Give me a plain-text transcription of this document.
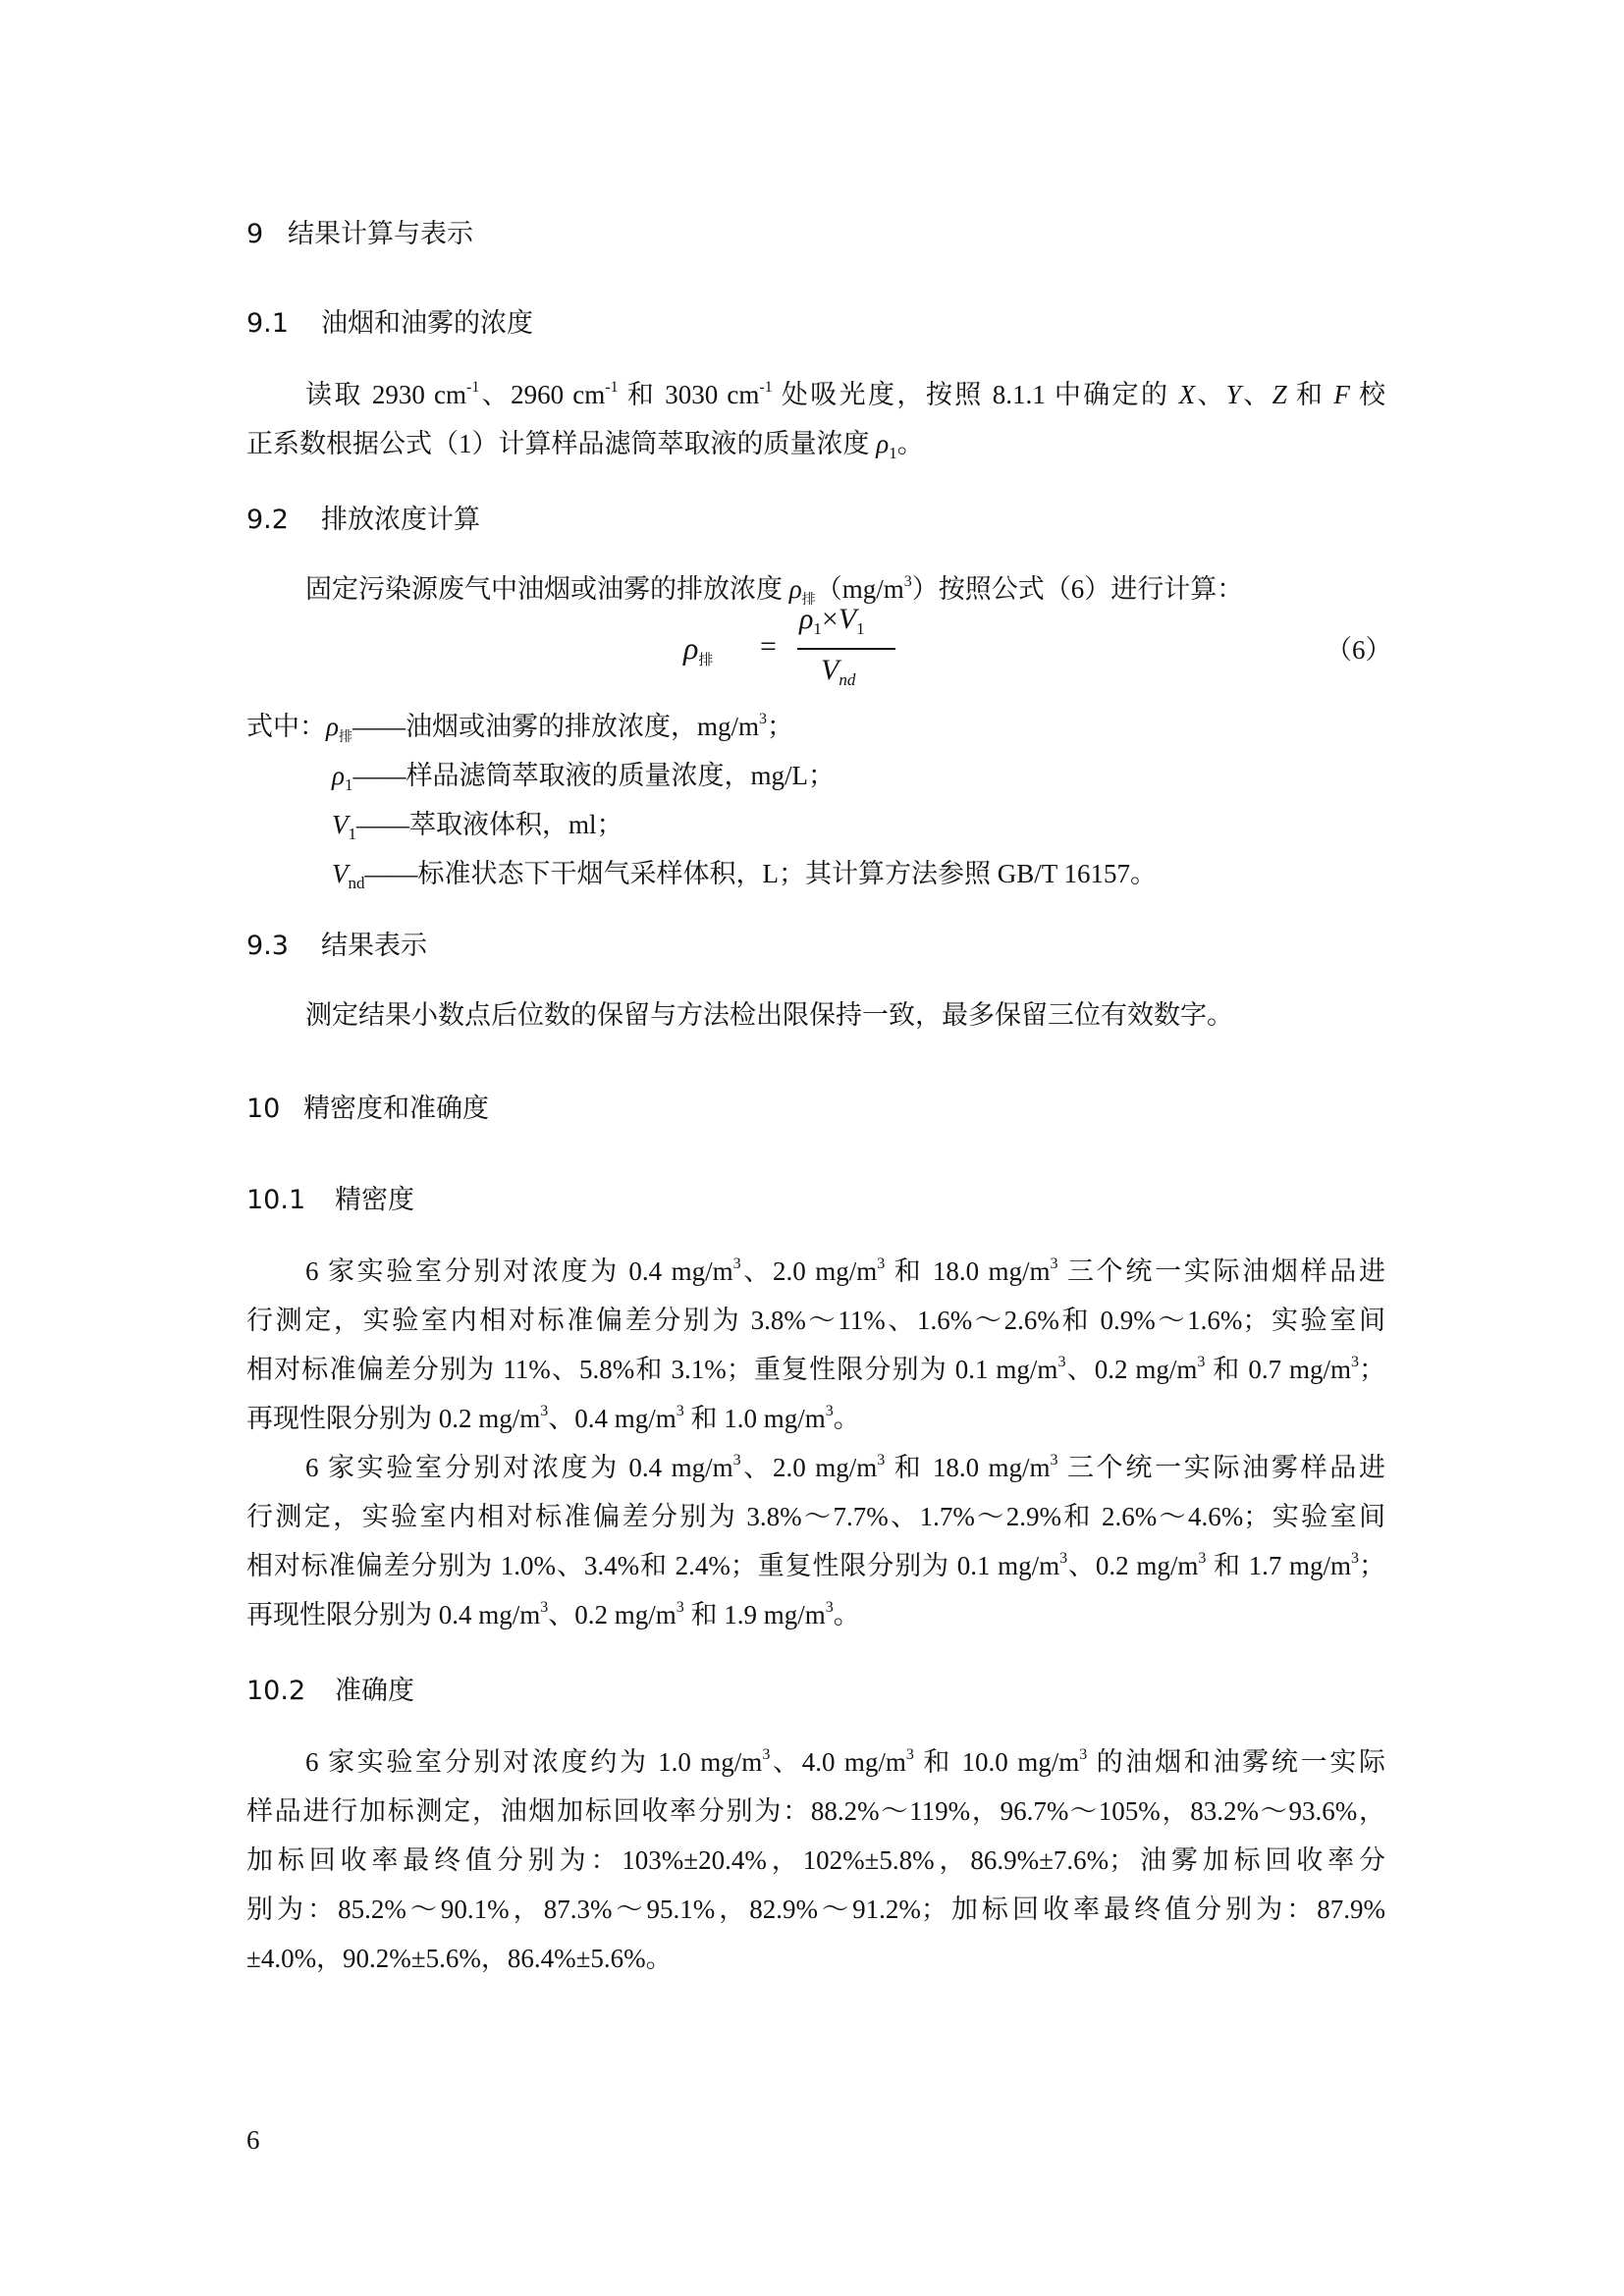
9 结果计算与表示
9.1 油烟和油雾的浓度
读取 2930 $cm^{-1}$、2960 $cm^{-1}$ 和 3030 $cm^{-1}$ 处吸光度，按照 8.1.1 中确定的 X、Y、Z 和 F 校
正系数根据公式（1）计算样品滤筒萃取液的质量浓度 $\rho_1$。
9.2 排放浓度计算
固定污染源废气中油烟或油雾的排放浓度 $\rho_排(mg/m^3)$按照公式（6）进行计算：
$\rho_排$ =
$\rho_1\times V_1$
$V_{nd}$
（6）
式中：$\rho_排——$油烟或油雾的排放浓度，$mg/m^3$；
$\rho_1——$样品滤筒萃取液的质量浓度，mg/L；
$V_1——$萃取液体积，ml；
$V_{nd}——$标准状态下干烟气采样体积，L；其计算方法参照 GB/T 16157。
9.3 结果表示
测定结果小数点后位数的保留与方法检出限保持一致，最多保留三位有效数字。
10 精密度和准确度
10.1 精密度
6 家实验室分别对浓度为 0.4 $mg/m^3$、2.0 $mg/m^3$ 和 18.0 $mg/m^3$ 三个统一实际油烟样品进
行测定，实验室内相对标准偏差分别为 3.8%～11%、1.6%～2.6%和 0.9%～1.6%；实验室间
相对标准偏差分别为 11%、5.8%和 3.1%；重复性限分别为 0.1 $mg/m^3$、0.2 $mg/m^3$ 和 0.7 $mg/m^3$；
再现性限分别为 0.2 $mg/m^3$、0.4 $mg/m^3$ 和 1.0 $mg/m^3$。
6 家实验室分别对浓度为 0.4 $mg/m^3$、2.0 $mg/m^3$ 和 18.0 $mg/m^3$ 三个统一实际油雾样品进
行测定，实验室内相对标准偏差分别为 3.8%～7.7%、1.7%～2.9%和 2.6%～4.6%；实验室间
相对标准偏差分别为 1.0%、3.4%和 2.4%；重复性限分别为 0.1 $mg/m^3$、0.2 $mg/m^3$ 和 1.7 $mg/m^3$；
再现性限分别为 0.4 $mg/m^3$、0.2 $mg/m^3$ 和 1.9 $mg/m^3$。
10.2 准确度
6 家实验室分别对浓度约为 1.0 $mg/m^3$、4.0 $mg/m^3$ 和 10.0 $mg/m^3$ 的油烟和油雾统一实际
样品进行加标测定，油烟加标回收率分别为：88.2%～119%，96.7%～105%，83.2%～93.6%，
加标回收率最终值分别为：103%±20.4%，102%±5.8%，86.9%±7.6%；油雾加标回收率分
别为：85.2%～90.1%，87.3%～95.1%，82.9%～91.2%；加标回收率最终值分别为：87.9%
±4.0%，90.2%±5.6%，86.4%±5.6%。
6
